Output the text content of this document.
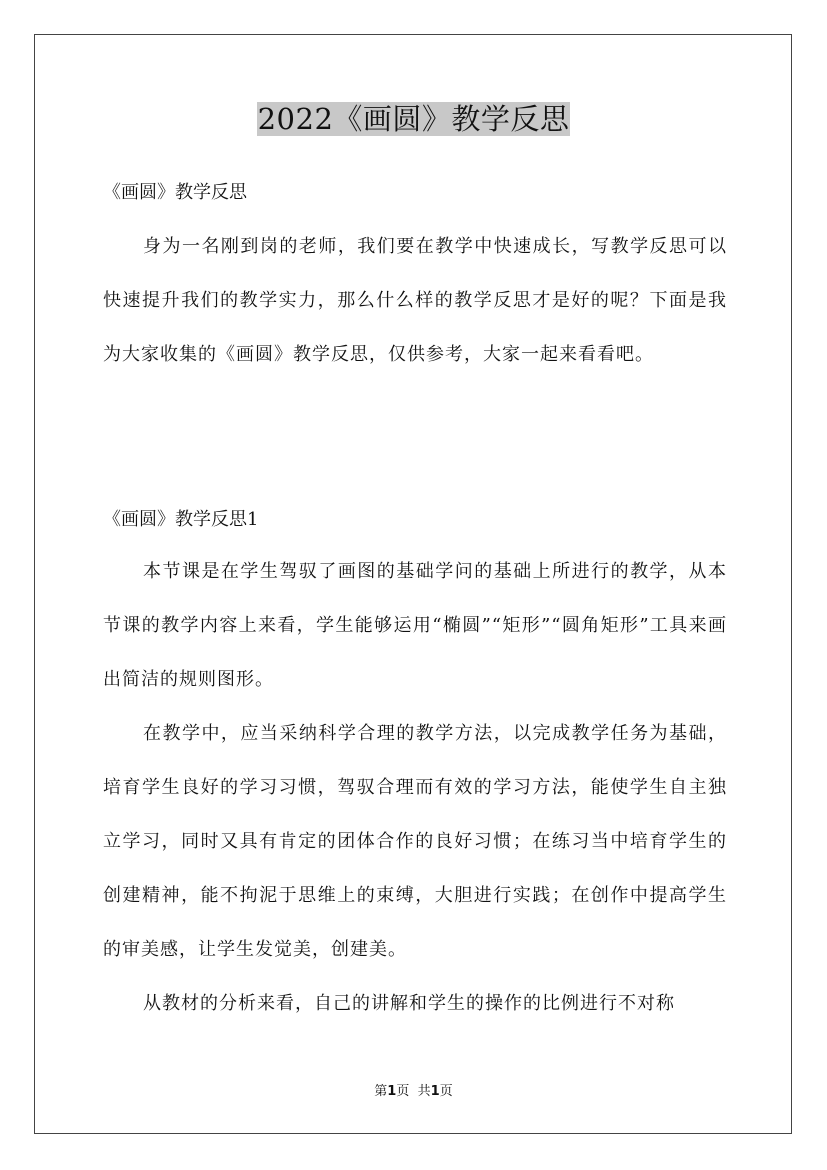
2022《画圆》教学反思
《画圆》教学反思

身为一名刚到岗的老师，我们要在教学中快速成长，写教学反思可以快速提升我们的教学实力，那么什么样的教学反思才是好的呢？下面是我为大家收集的《画圆》教学反思，仅供参考，大家一起来看看吧。

《画圆》教学反思1

本节课是在学生驾驭了画图的基础学问的基础上所进行的教学，从本节课的教学内容上来看，学生能够运用“椭圆”“矩形”“圆角矩形”工具来画出简洁的规则图形。

在教学中，应当采纳科学合理的教学方法，以完成教学任务为基础，培育学生良好的学习习惯，驾驭合理而有效的学习方法，能使学生自主独立学习，同时又具有肯定的团体合作的良好习惯；在练习当中培育学生的创建精神，能不拘泥于思维上的束缚，大胆进行实践；在创作中提高学生的审美感，让学生发觉美，创建美。

从教材的分析来看，自己的讲解和学生的操作的比例进行不对称

第1页 共1页
